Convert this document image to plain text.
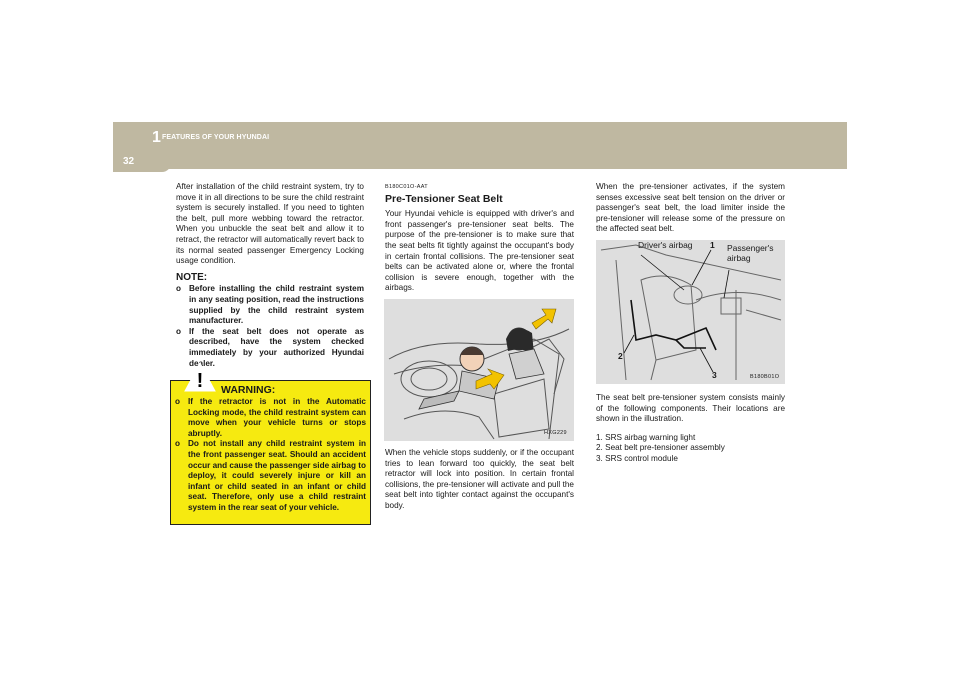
1 FEATURES OF YOUR HYUNDAI
32

After installation of the child restraint system, try to move it in all directions to be sure the child restraint system is securely installed. If you need to tighten the belt, pull more webbing toward the retractor. When you unbuckle the seat belt and allow it to retract, the retractor will automatically revert back to its normal seated passenger Emergency Locking usage condition.

NOTE:
o Before installing the child restraint system in any seating position, read the instructions supplied by the child restraint system manufacturer.
o If the seat belt does not operate as described, have the system checked immediately by your authorized Hyundai dealer.
! WARNING:
o If the retractor is not in the Automatic Locking mode, the child restraint system can move when your vehicle turns or stops abruptly.
o Do not install any child restraint system in the front passenger seat. Should an accident occur and cause the passenger side airbag to deploy, it could severely injure or kill an infant or child seated in an infant or child seat. Therefore, only use a child restraint system in the rear seat of your vehicle.
B180C01O-AAT
Pre-Tensioner Seat Belt

Your Hyundai vehicle is equipped with driver's and front passenger's pre-tensioner seat belts. The purpose of the pre-tensioner is to make sure that the seat belts fit tightly against the occupant's body in certain frontal collisions. The pre-tensioner seat belts can be activated alone or, where the frontal collision is severe enough, together with the airbags.

HXG229

When the vehicle stops suddenly, or if the occupant tries to lean forward too quickly, the seat belt retractor will lock into position. In certain frontal collisions, the pre-tensioner will activate and pull the seat belt into tighter contact against the occupant's body.

When the pre-tensioner activates, if the system senses excessive seat belt tension on the driver or passenger's seat belt, the load limiter inside the pre-tensioner will release some of the pressure on the affected seat belt.

Driver's airbag 1 Passenger's
airbag
2
3	B180B01O

The seat belt pre-tensioner system consists mainly of the following components. Their locations are shown in the illustration.

1. SRS airbag warning light
2. Seat belt pre-tensioner assembly
3. SRS control module
